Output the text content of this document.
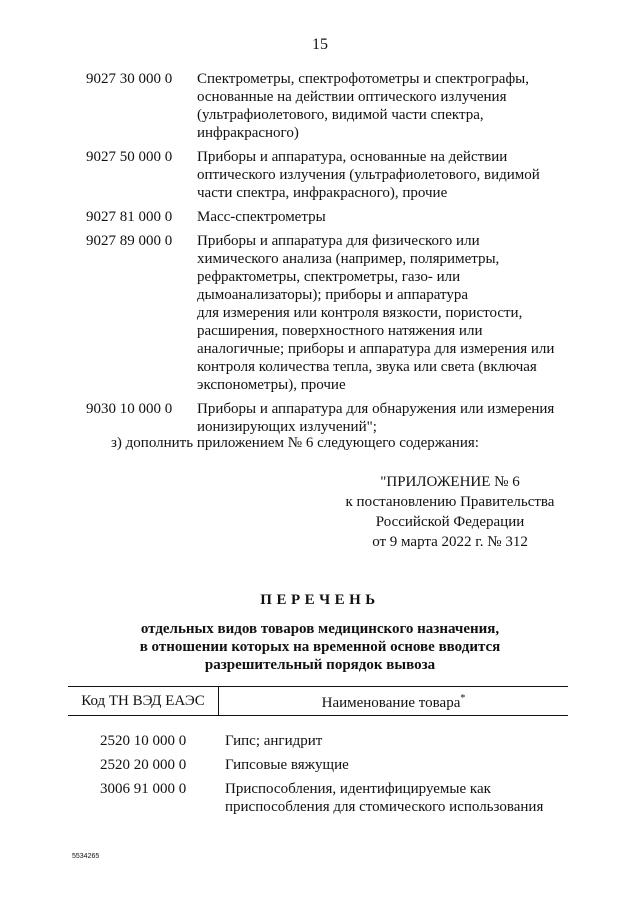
15
9027 30 000 0	Спектрометры, спектрофотометры и спектрографы,
основанные на действии оптического излучения
(ультрафиолетового, видимой части спектра,
инфракрасного)
9027 50 000 0	Приборы и аппаратура, основанные на действии
оптического излучения (ультрафиолетового, видимой
части спектра, инфракрасного), прочие
9027 81 000 0	Масс-спектрометры
9027 89 000 0	Приборы и аппаратура для физического или
химического анализа (например, поляриметры,
рефрактометры, спектрометры, газо- или
дымоанализаторы); приборы и аппаратура
для измерения или контроля вязкости, пористости,
расширения, поверхностного натяжения или
аналогичные; приборы и аппаратура для измерения или
контроля количества тепла, звука или света (включая
экспонометры), прочие
9030 10 000 0	Приборы и аппаратура для обнаружения или измерения
ионизирующих излучений";
з) дополнить приложением № 6 следующего содержания:
"ПРИЛОЖЕНИЕ № 6
к постановлению Правительства
Российской Федерации
от 9 марта 2022 г. № 312
ПЕРЕЧЕНЬ
отдельных видов товаров медицинского назначения,
в отношении которых на временной основе вводится
разрешительный порядок вывоза
Код ТН ВЭД ЕАЭС	Наименование товара*
2520 10 000 0	Гипс; ангидрит
2520 20 000 0	Гипсовые вяжущие
3006 91 000 0	Приспособления, идентифицируемые как
приспособления для стомического использования
5534265
